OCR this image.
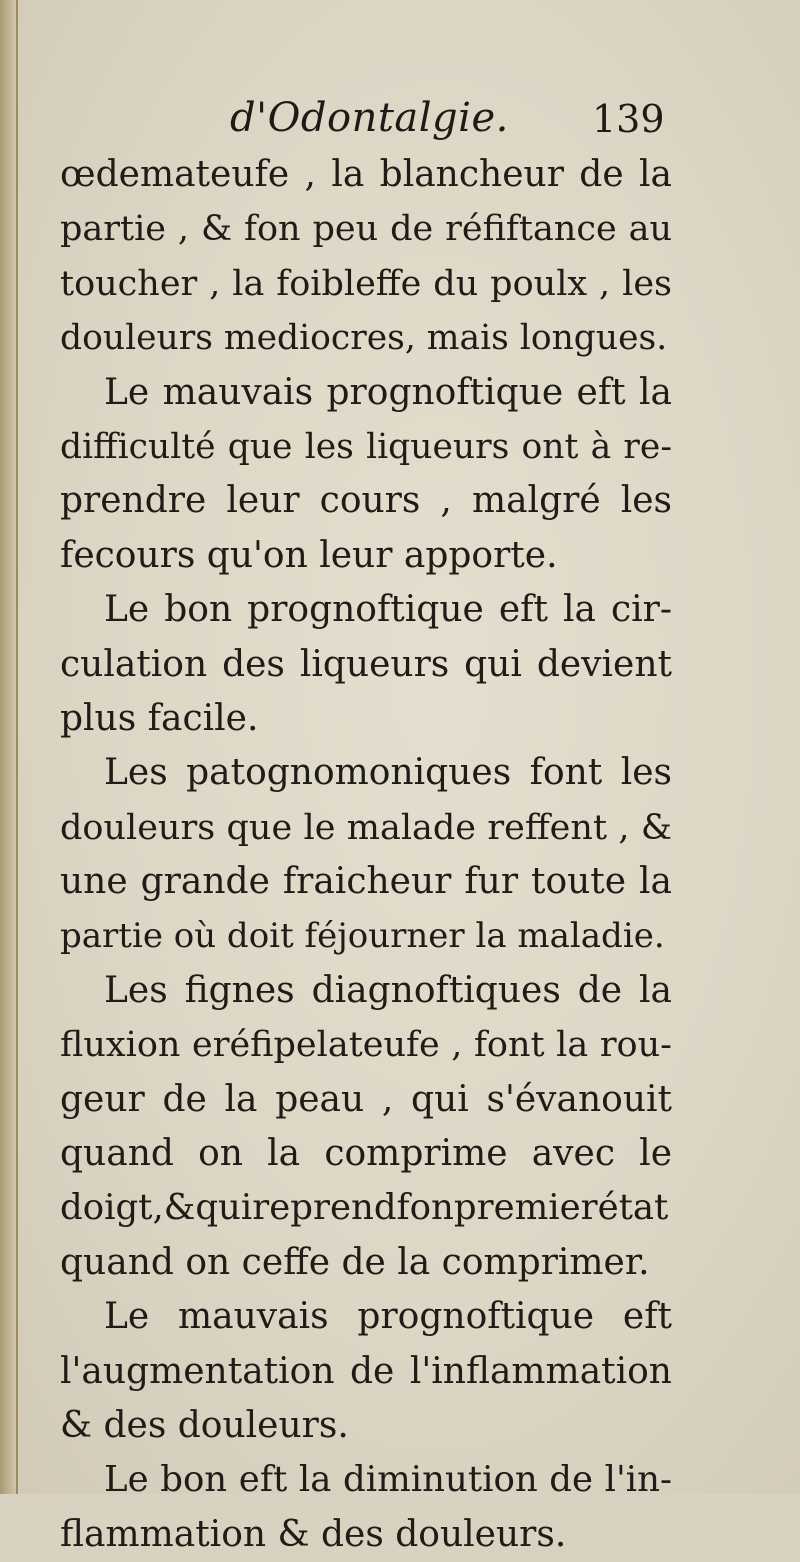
d'Odontalgie. 139
œdemateufe , la blancheur de la
partie , & fon peu de réfiftance au
toucher , la foibleffe du poulx , les
douleurs mediocres, mais longues.
Le mauvais prognoftique eft la
difficulté que les liqueurs ont à re-
prendre leur cours , malgré les
fecours qu'on leur apporte.
Le bon prognoftique eft la cir-
culation des liqueurs qui devient
plus facile.
Les patognomoniques font les
douleurs que le malade reffent , &
une grande fraicheur fur toute la
partie où doit féjourner la maladie.
Les fignes diagnoftiques de la
fluxion eréfipelateufe , font la rou-
geur de la peau , qui s'évanouit
quand on la comprime avec le
doigt,&quireprendfonpremierétat
quand on ceffe de la comprimer.
Le mauvais prognoftique eft
l'augmentation de l'inflammation
& des douleurs.
Le bon eft la diminution de l'in-
flammation & des douleurs.
